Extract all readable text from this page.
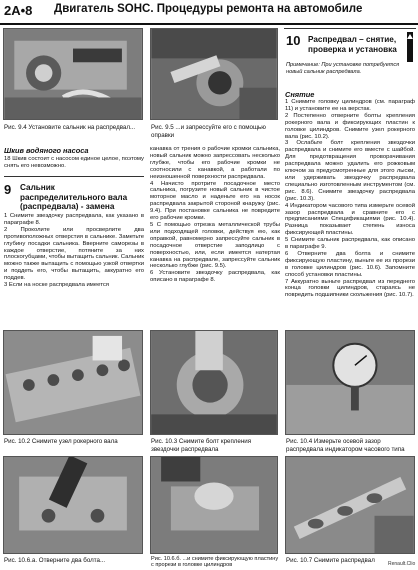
2A•8 Двигатель SOHC. Процедуры ремонта на автомобиле
Рис. 9.4 Установите сальник на распредвал...	Рис. 9.5 ...и запрессуйте его с помощью оправки
10 Распредвал – снятие, проверка и установка
Примечание: При установке потребуется новый сальник распредвала.
Шкив водяного насоса
18 Шкив состоит с насосом единое целое, поэтому снять его невозможно.
9 Сальник распределительного вала (распредвала) - замена

1 Снимите звездочку распредвала, как указано в параграфе 8.

2 Проколите или просверлите два противоположных отверстия в сальнике. Заметьте глубину посадки сальника. Вверните саморезы в каждое отверстие, потяните за них плоскогубцами, чтобы вытащить сальник. Сальник можно также вытащить с помощью узкой отвертки и поддеть его, чтобы вытащить, аккуратно его поддев.

3 Если на носке распредвала имеется

канавка от трения о рабочие кромки сальника, новый сальник можно запрессовать несколько глубже, чтобы его рабочие кромки не соотносили с канавкой, а работали по неизношенной поверхности распредвала.

4 Начисто протрите посадочное место сальника, погрузите новый сальник в чистое моторное масло и наденьте его на носок распредвала закрытой стороной кнаружу (рис. 9.4). При постановке сальника не повредите его рабочие кромки.

5 С помощью отрезка металлической трубы или подходящей головки, действуя ею, как оправкой, равномерно запрессуйте сальник в посадочное отверстие заподлицо с поверхностью, или, если имеется натертая канавка на распредвале, запрессуйте сальник несколько глубже (рис. 9.5).

6 Установите звездочку распредвала, как описано в параграфе 8.

Снятие

1 Снимите головку цилиндров (см. параграф 11) и установите ее на верстак.

2 Постепенно отверните болты крепления рокерного вала и фиксирующих пластин к головке цилиндров. Снимите узел рокерного вала (рис. 10.2).

3 Ослабьте болт крепления звездочки распредвала и снимите его вместе с шайбой. Для предотвращения проворачивания распредвала можно удалить его рожковым ключом за предусмотренные для этого лыски, или удерживать звездочку распредвала специально изготовленным инструментом (см. рис. 8.6). Снимите звездочку распредвала (рис. 10.3).

4 Индикатором часового типа измерьте осевой зазор распредвала и сравните его с предписаниями Спецификациями (рис. 10.4). Разница показывает степень износа фиксирующей пластины.

5 Снимите сальник распредвала, как описано в параграфе 9.

6 Отверните два болта и снимите фиксирующую пластину, выньте ее из прорези в головке цилиндров (рис. 10.6). Запомните способ установки пластины.

7 Аккуратно выньте распредвал из переднего конца головки цилиндров, стараясь не повредить подшипники скольжения (рис. 10.7).

Рис. 10.2 Снимите узел рокерного вала	Рис. 10.3 Снимите болт крепления звездочки распредвала
Рис. 10.4 Измерьте осевой зазор распредвала индикатором часового типа
Рис. 10.6.a. Отверните два болта...	Рис. 10.6.б. ...и снимите фиксирующую пластину с прорези в головке цилиндров
Рис. 10.7 Снимите распредвал	Renault.Clio
